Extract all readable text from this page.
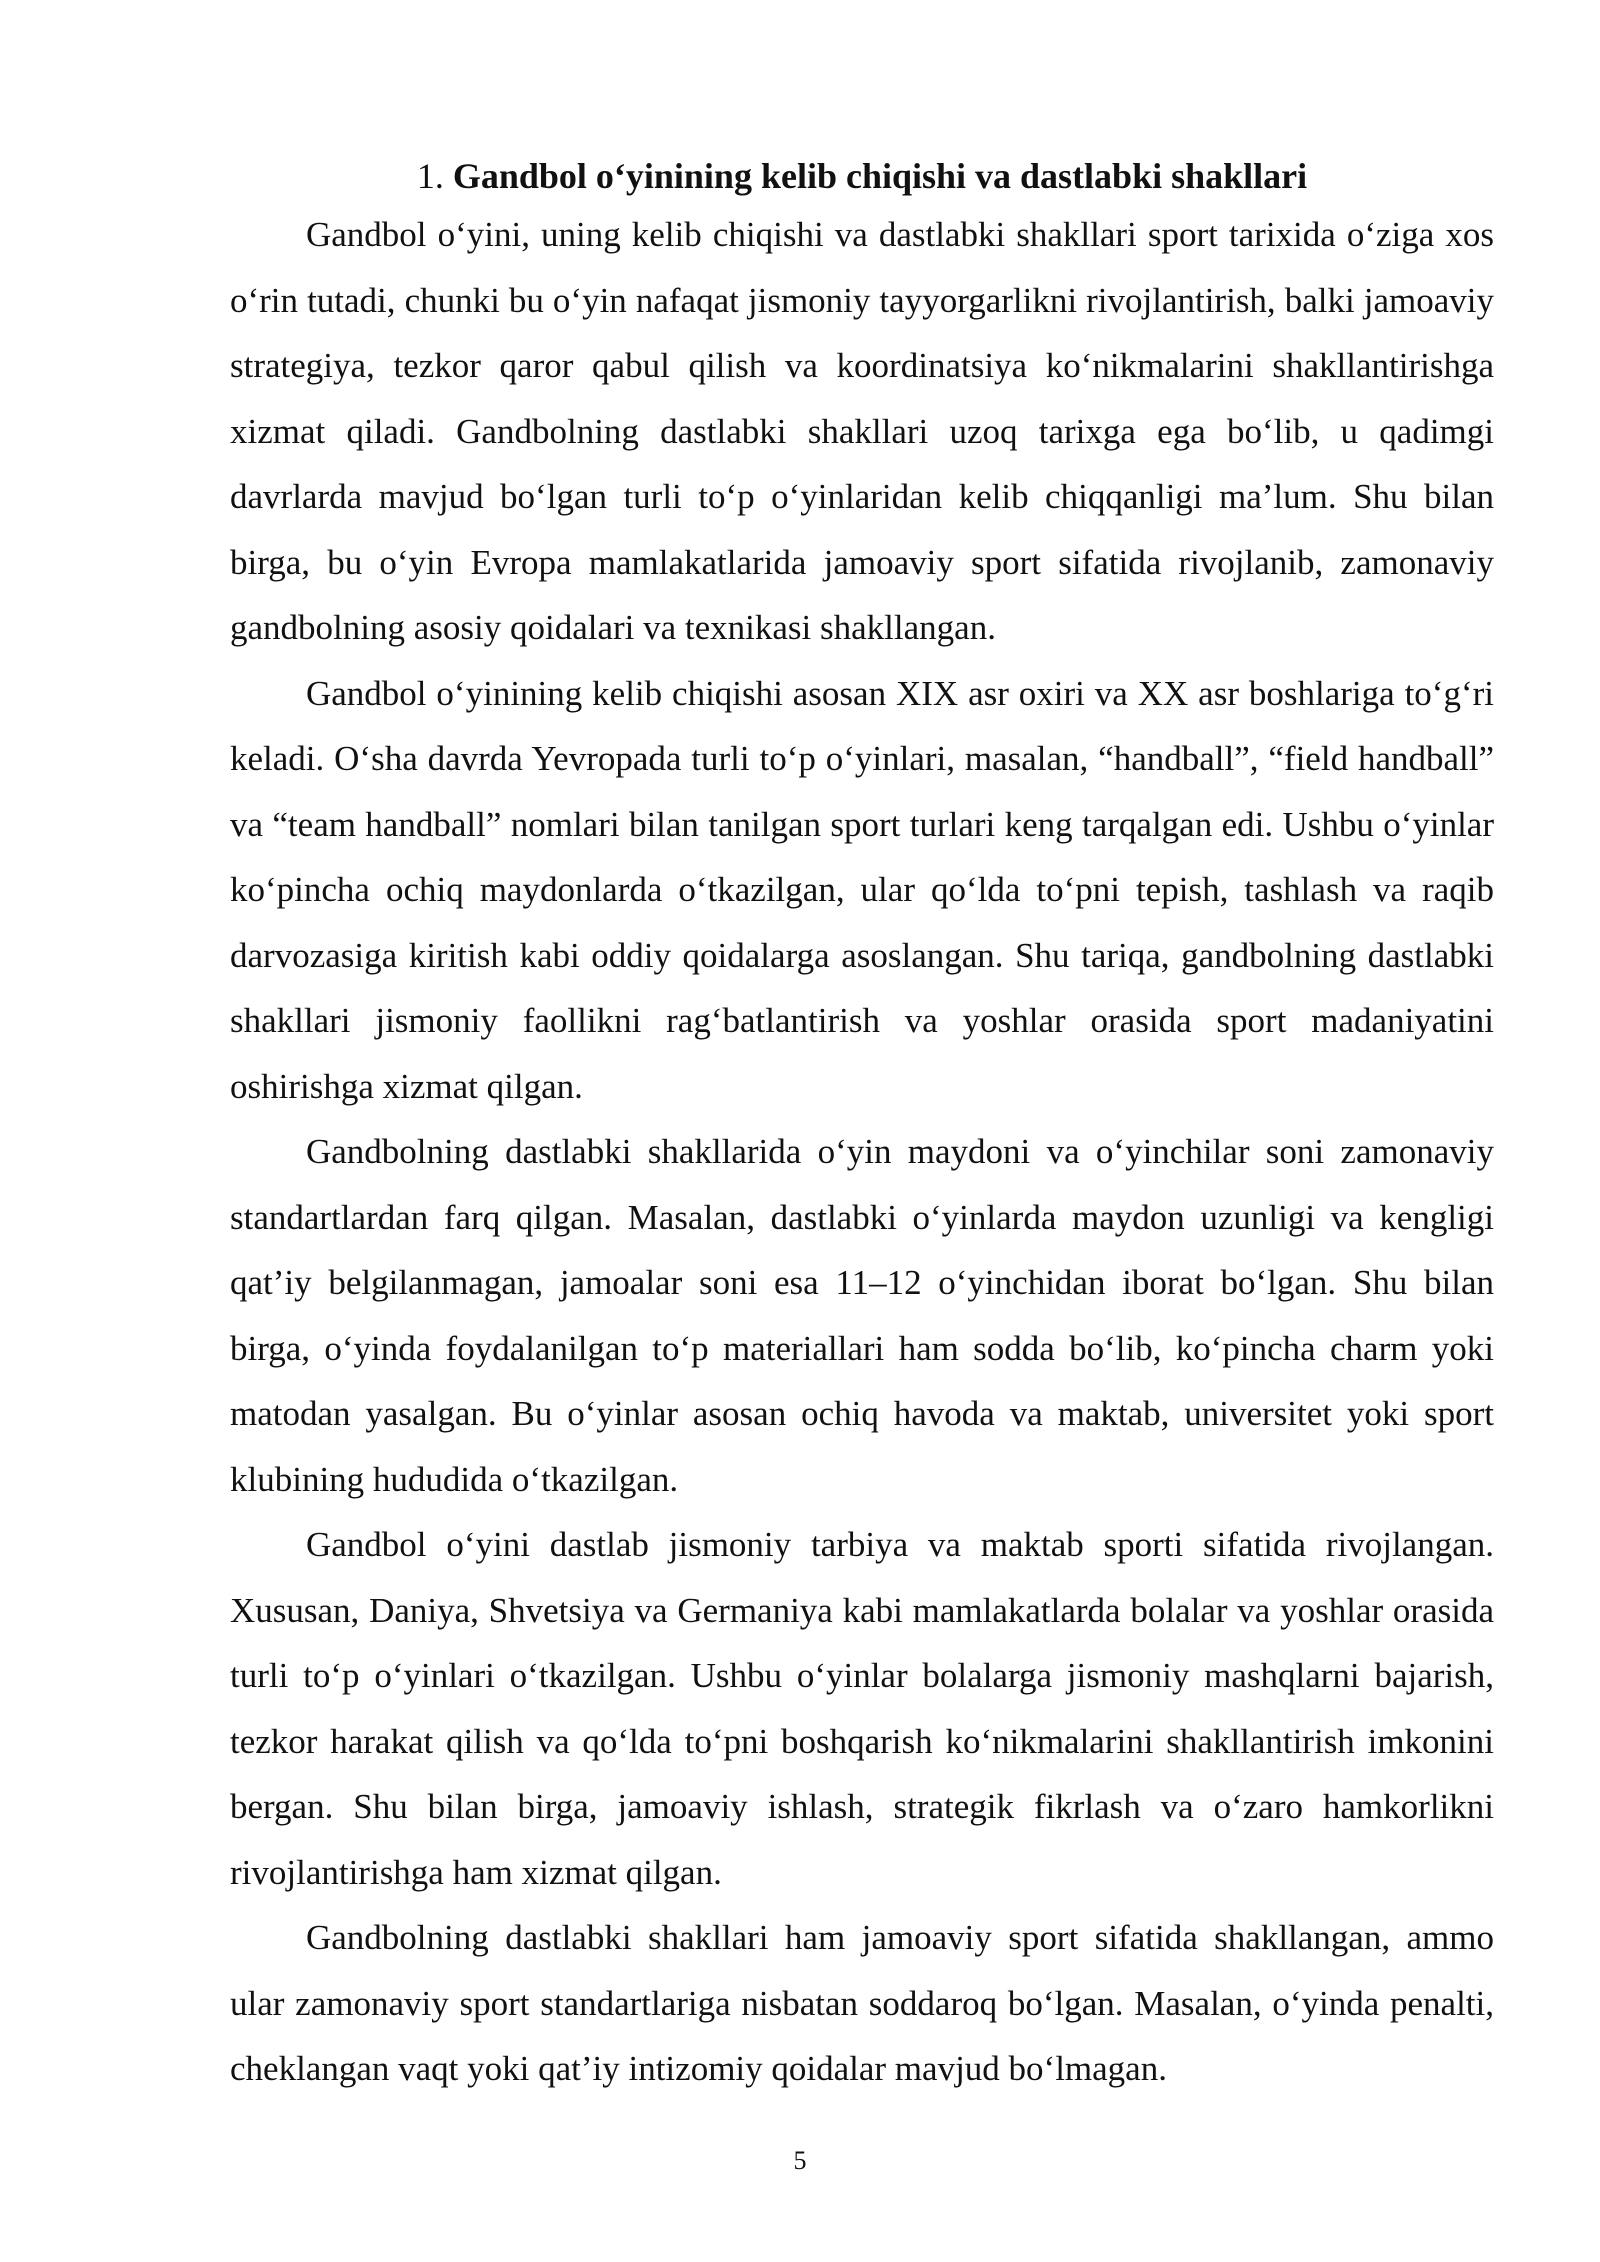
1. Gandbol o‘yinining kelib chiqishi va dastlabki shakllari

Gandbol o‘yini, uning kelib chiqishi va dastlabki shakllari sport tarixida o‘ziga xos o‘rin tutadi, chunki bu o‘yin nafaqat jismoniy tayyorgarlikni rivojlantirish, balki jamoaviy strategiya, tezkor qaror qabul qilish va koordinatsiya ko‘nikmalarini shakllantirishga xizmat qiladi. Gandbolning dastlabki shakllari uzoq tarixga ega bo‘lib, u qadimgi davrlarda mavjud bo‘lgan turli to‘p o‘yinlaridan kelib chiqqanligi ma’lum. Shu bilan birga, bu o‘yin Evropa mamlakatlarida jamoaviy sport sifatida rivojlanib, zamonaviy gandbolning asosiy qoidalari va texnikasi shakllangan.

Gandbol o‘yinining kelib chiqishi asosan XIX asr oxiri va XX asr boshlariga to‘g‘ri keladi. O‘sha davrda Yevropada turli to‘p o‘yinlari, masalan, “handball”, “field handball” va “team handball” nomlari bilan tanilgan sport turlari keng tarqalgan edi. Ushbu o‘yinlar ko‘pincha ochiq maydonlarda o‘tkazilgan, ular qo‘lda to‘pni tepish, tashlash va raqib darvozasiga kiritish kabi oddiy qoidalarga asoslangan. Shu tariqa, gandbolning dastlabki shakllari jismoniy faollikni rag‘batlantirish va yoshlar orasida sport madaniyatini oshirishga xizmat qilgan.

Gandbolning dastlabki shakllarida o‘yin maydoni va o‘yinchilar soni zamonaviy standartlardan farq qilgan. Masalan, dastlabki o‘yinlarda maydon uzunligi va kengligi qat’iy belgilanmagan, jamoalar soni esa 11–12 o‘yinchidan iborat bo‘lgan. Shu bilan birga, o‘yinda foydalanilgan to‘p materiallari ham sodda bo‘lib, ko‘pincha charm yoki matodan yasalgan. Bu o‘yinlar asosan ochiq havoda va maktab, universitet yoki sport klubining hududida o‘tkazilgan.

Gandbol o‘yini dastlab jismoniy tarbiya va maktab sporti sifatida rivojlangan. Xususan, Daniya, Shvetsiya va Germaniya kabi mamlakatlarda bolalar va yoshlar orasida turli to‘p o‘yinlari o‘tkazilgan. Ushbu o‘yinlar bolalarga jismoniy mashqlarni bajarish, tezkor harakat qilish va qo‘lda to‘pni boshqarish ko‘nikmalarini shakllantirish imkonini bergan. Shu bilan birga, jamoaviy ishlash, strategik fikrlash va o‘zaro hamkorlikni rivojlantirishga ham xizmat qilgan.

Gandbolning dastlabki shakllari ham jamoaviy sport sifatida shakllangan, ammo ular zamonaviy sport standartlariga nisbatan soddaroq bo‘lgan. Masalan, o‘yinda penalti, cheklangan vaqt yoki qat’iy intizomiy qoidalar mavjud bo‘lmagan.

5
